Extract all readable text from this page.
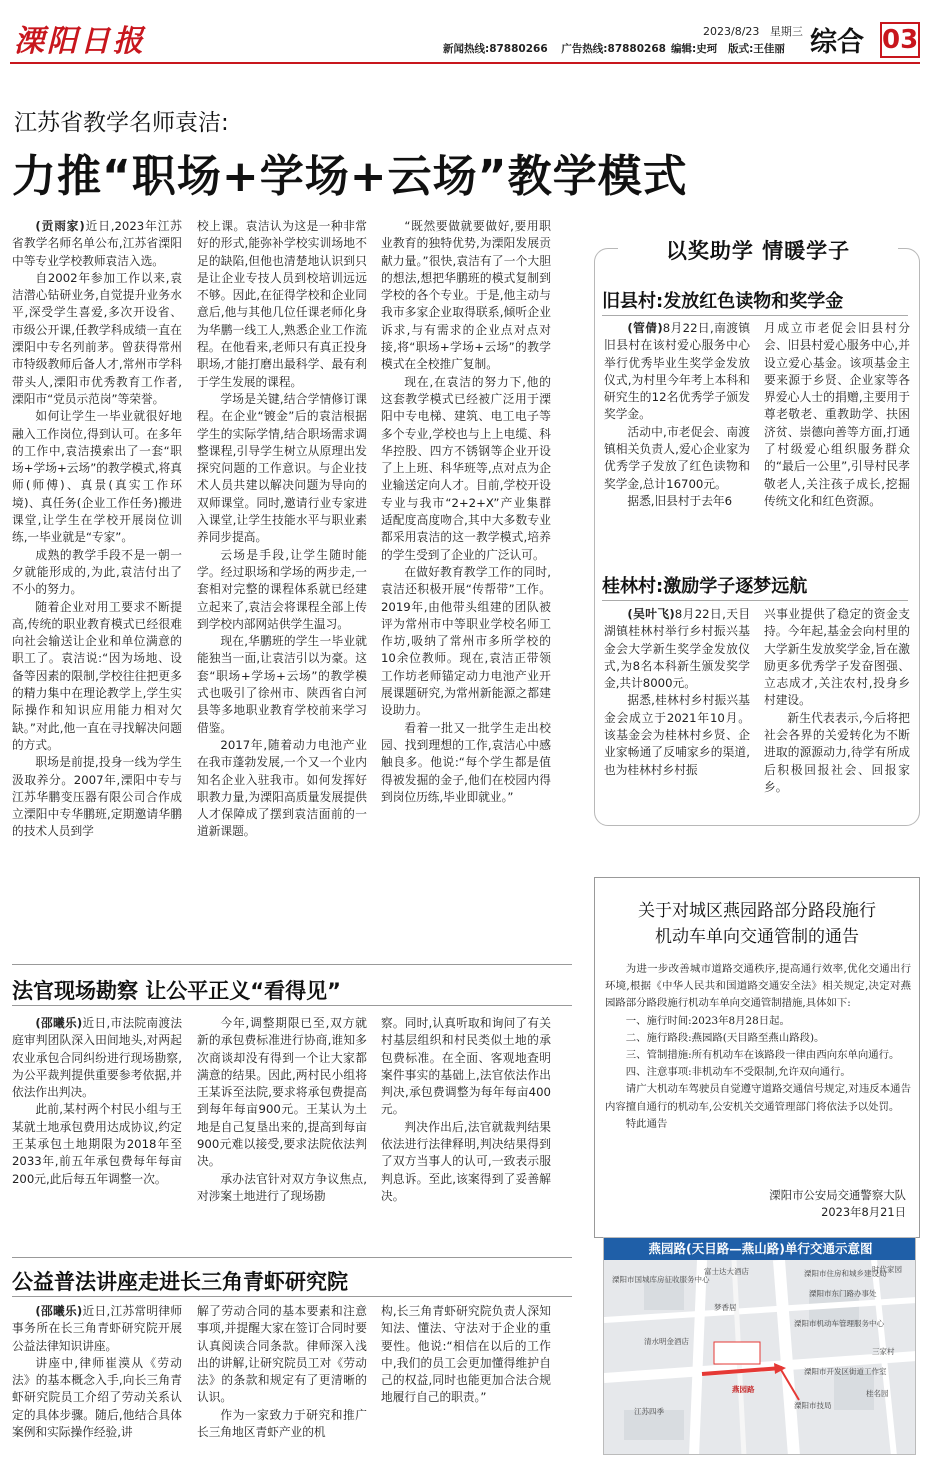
溧阳日报	2023/8/23 星期三
新闻热线:87880266 广告热线:87880268 编辑:史珂 版式:王佳丽 综合 03
江苏省教学名师袁洁:
力推“职场+学场+云场”教学模式

(贡雨家)近日,2023年江苏省教学名师名单公布,江苏省溧阳中等专业学校教师袁洁入选。

自2002年参加工作以来,袁洁潜心钻研业务,自觉提升业务水平,深受学生喜爱,多次开设省、市级公开课,任教学科成绩一直在溧阳中专名列前茅。曾获得常州市特级教师后备人才,常州市学科带头人,溧阳市优秀教育工作者,溧阳市“党员示范岗”等荣誉。

如何让学生一毕业就很好地融入工作岗位,得到认可。在多年的工作中,袁洁摸索出了一套“职场+学场+云场”的教学模式,将真师(师傅)、真景(真实工作环境)、真任务(企业工作任务)搬进课堂,让学生在学校开展岗位训练,一毕业就是“专家”。

成熟的教学手段不是一朝一夕就能形成的,为此,袁洁付出了不小的努力。

随着企业对用工要求不断提高,传统的职业教育模式已经很难向社会输送让企业和单位满意的职工了。袁洁说:“因为场地、设备等因素的限制,学校往往把更多的精力集中在理论教学上,学生实际操作和知识应用能力相对欠缺。”对此,他一直在寻找解决问题的方式。

职场是前提,投身一线为学生汲取养分。2007年,溧阳中专与江苏华鹏变压器有限公司合作成立溧阳中专华鹏班,定期邀请华鹏的技术人员到学

校上课。袁洁认为这是一种非常好的形式,能弥补学校实训场地不足的缺陷,但他也清楚地认识到只是让企业专技人员到校培训远远不够。因此,在征得学校和企业同意后,他与其他几位任课老师化身为华鹏一线工人,熟悉企业工作流程。在他看来,老师只有真正投身职场,才能打磨出最科学、最有利于学生发展的课程。

学场是关键,结合学情修订课程。在企业“镀金”后的袁洁根据学生的实际学情,结合职场需求调整课程,引导学生树立从原理出发探究问题的工作意识。与企业技术人员共建以解决问题为导向的双师课堂。同时,邀请行业专家进入课堂,让学生技能水平与职业素养同步提高。

云场是手段,让学生随时能学。经过职场和学场的两步走,一套相对完整的课程体系就已经建立起来了,袁洁会将课程全部上传到学校内部网站供学生温习。

现在,华鹏班的学生一毕业就能独当一面,让袁洁引以为豪。这套“职场+学场+云场”的教学模式也吸引了徐州市、陕西省白河县等多地职业教育学校前来学习借鉴。

2017年,随着动力电池产业在我市蓬勃发展,一个又一个业内知名企业入驻我市。如何发挥好职教力量,为溧阳高质量发展提供人才保障成了摆到袁洁面前的一道新课题。

“既然要做就要做好,要用职业教育的独特优势,为溧阳发展贡献力量。”很快,袁洁有了一个大胆的想法,想把华鹏班的模式复制到学校的各个专业。于是,他主动与我市多家企业取得联系,倾听企业诉求,与有需求的企业点对点对接,将“职场+学场+云场”的教学模式在全校推广复制。

现在,在袁洁的努力下,他的这套教学模式已经被广泛用于溧阳中专电梯、建筑、电工电子等多个专业,学校也与上上电缆、科华控股、四方不锈钢等企业开设了上上班、科华班等,点对点为企业输送定向人才。目前,学校开设专业与我市“2+2+X”产业集群适配度高度吻合,其中大多数专业都采用袁洁的这一教学模式,培养的学生受到了企业的广泛认可。

在做好教育教学工作的同时,袁洁还积极开展“传帮带”工作。2019年,由他带头组建的团队被评为常州市中等职业学校名师工作坊,吸纳了常州市多所学校的10余位教师。现在,袁洁正带领工作坊老师锚定动力电池产业开展课题研究,为常州新能源之都建设助力。

看着一批又一批学生走出校园、找到理想的工作,袁洁心中感触良多。他说:“每个学生都是值得被发掘的金子,他们在校园内得到岗位历练,毕业即就业。”

以奖助学 情暖学子
旧县村:发放红色读物和奖学金

(管倩)8月22日,南渡镇旧县村在该村爱心服务中心举行优秀毕业生奖学金发放仪式,为村里今年考上本科和研究生的12名优秀学子颁发奖学金。

活动中,市老促会、南渡镇相关负责人,爱心企业家为优秀学子发放了红色读物和奖学金,总计16700元。

据悉,旧县村于去年6

月成立市老促会旧县村分会、旧县村爱心服务中心,并设立爱心基金。该项基金主要来源于乡贤、企业家等各界爱心人士的捐赠,主要用于尊老敬老、重教助学、扶困济贫、崇德向善等方面,打通了村级爱心组织服务群众的“最后一公里”,引导村民孝敬老人,关注孩子成长,挖掘传统文化和红色资源。

桂林村:激励学子逐梦远航

(吴叶飞)8月22日,天目湖镇桂林村举行乡村振兴基金会大学新生奖学金发放仪式,为8名本科新生颁发奖学金,共计8000元。

据悉,桂林村乡村振兴基金会成立于2021年10月。该基金会为桂林村乡贤、企业家畅通了反哺家乡的渠道,也为桂林村乡村振

兴事业提供了稳定的资金支持。今年起,基金会向村里的大学新生发放奖学金,旨在激励更多优秀学子发奋图强、立志成才,关注农村,投身乡村建设。

新生代表表示,今后将把社会各界的关爱转化为不断进取的源源动力,待学有所成后积极回报社会、回报家乡。

法官现场勘察 让公平正义“看得见”

(邵曦乐)近日,市法院南渡法庭审判团队深入田间地头,对两起农业承包合同纠纷进行现场勘察,为公平裁判提供重要参考依据,并依法作出判决。

此前,某村两个村民小组与王某就土地承包费用达成协议,约定王某承包土地期限为2018年至2033年,前五年承包费每年每亩200元,此后每五年调整一次。

今年,调整期限已至,双方就新的承包费标准进行协商,谁知多次商谈却没有得到一个让大家都满意的结果。因此,两村民小组将王某诉至法院,要求将承包费提高到每年每亩900元。王某认为土地是自己复垦出来的,提高到每亩900元难以接受,要求法院依法判决。

承办法官针对双方争议焦点,对涉案土地进行了现场勘

察。同时,认真听取和询问了有关村基层组织和村民类似土地的承包费标准。在全面、客观地查明案件事实的基础上,法官依法作出判决,承包费调整为每年每亩400元。

判决作出后,法官就裁判结果依法进行法律释明,判决结果得到了双方当事人的认可,一致表示服判息诉。至此,该案得到了妥善解决。

公益普法讲座走进长三角青虾研究院

(邵曦乐)近日,江苏常明律师事务所在长三角青虾研究院开展公益法律知识讲座。

讲座中,律师崔漠从《劳动法》的基本概念入手,向长三角青虾研究院员工介绍了劳动关系认定的具体步骤。随后,他结合具体案例和实际操作经验,讲

解了劳动合同的基本要素和注意事项,并提醒大家在签订合同时要认真阅读合同条款。律师深入浅出的讲解,让研究院员工对《劳动法》的条款和规定有了更清晰的认识。

作为一家致力于研究和推广长三角地区青虾产业的机

构,长三角青虾研究院负责人深知知法、懂法、守法对于企业的重要性。他说:“相信在以后的工作中,我们的员工会更加懂得维护自己的权益,同时也能更加合法合规地履行自己的职责。”

关于对城区燕园路部分路段施行
机动车单向交通管制的通告

为进一步改善城市道路交通秩序,提高通行效率,优化交通出行环境,根据《中华人民共和国道路交通安全法》相关规定,决定对燕园路部分路段施行机动车单向交通管制措施,具体如下:

一、施行时间:2023年8月28日起。

二、施行路段:燕园路(天目路至燕山路段)。

三、管制措施:所有机动车在该路段一律由西向东单向通行。

四、注意事项:非机动车不受限制,允许双向通行。

请广大机动车驾驶员自觉遵守道路交通信号规定,对违反本通告内容擅自通行的机动车,公安机关交通管理部门将依法予以处罚。

特此通告

溧阳市公安局交通警察大队
2023年8月21日
燕园路(天目路—燕山路)单行交通示意图
溧阳市国城库房征收服务中心
富士达大酒店	溧阳市住房和城乡建设局
溧阳市东门路办事处
梦香居
溧阳市机动车管理服务中心
清水明金酒店
溧阳市开发区街道工作室
燕园路
江苏四季
溧阳市技局
时代家园
三家村
桂名园
